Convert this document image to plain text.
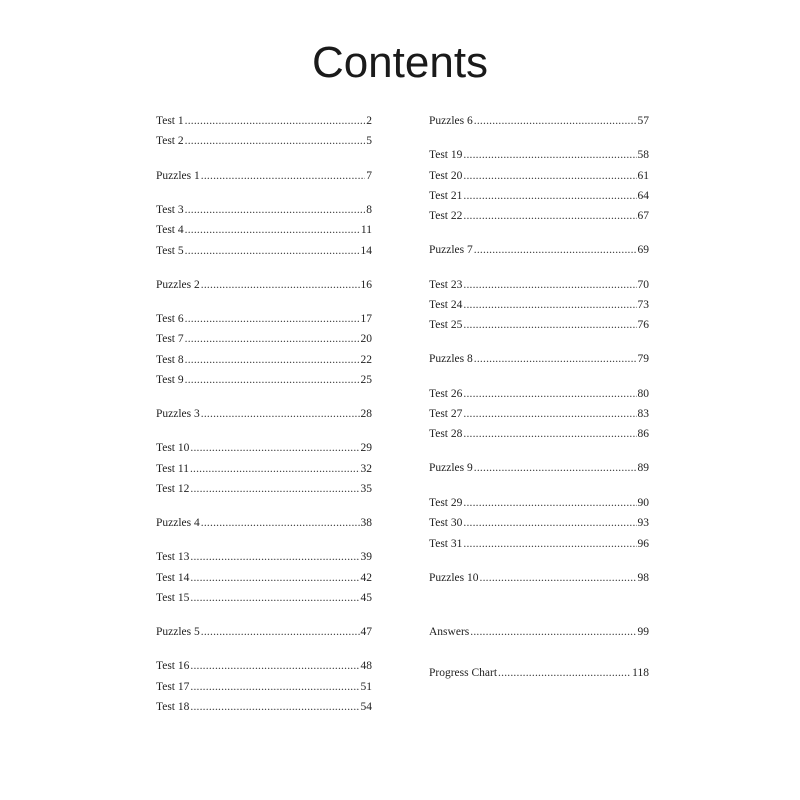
Contents
Test 1 .....	2
Test 2 .....	5
Puzzles 1 .....	7
Test 3 .....	8
Test 4 .....	11
Test 5 .....	14
Puzzles 2 .....	16
Test 6 .....	17
Test 7 .....	20
Test 8 .....	22
Test 9 .....	25
Puzzles 3 .....	28
Test 10 .....	29
Test 11 .....	32
Test 12 .....	35
Puzzles 4 .....	38
Test 13 .....	39
Test 14 .....	42
Test 15 .....	45
Puzzles 5 .....	47
Test 16 .....	48
Test 17 .....	51
Test 18 .....	54
Puzzles 6 .....	57
Test 19 .....	58
Test 20 .....	61
Test 21 .....	64
Test 22 .....	67
Puzzles 7 .....	69
Test 23 .....	70
Test 24 .....	73
Test 25 .....	76
Puzzles 8 .....	79
Test 26 .....	80
Test 27 .....	83
Test 28 .....	86
Puzzles 9 .....	89
Test 29 .....	90
Test 30 .....	93
Test 31 .....	96
Puzzles 10 .....	98
Answers .....	99
Progress Chart .....	118
